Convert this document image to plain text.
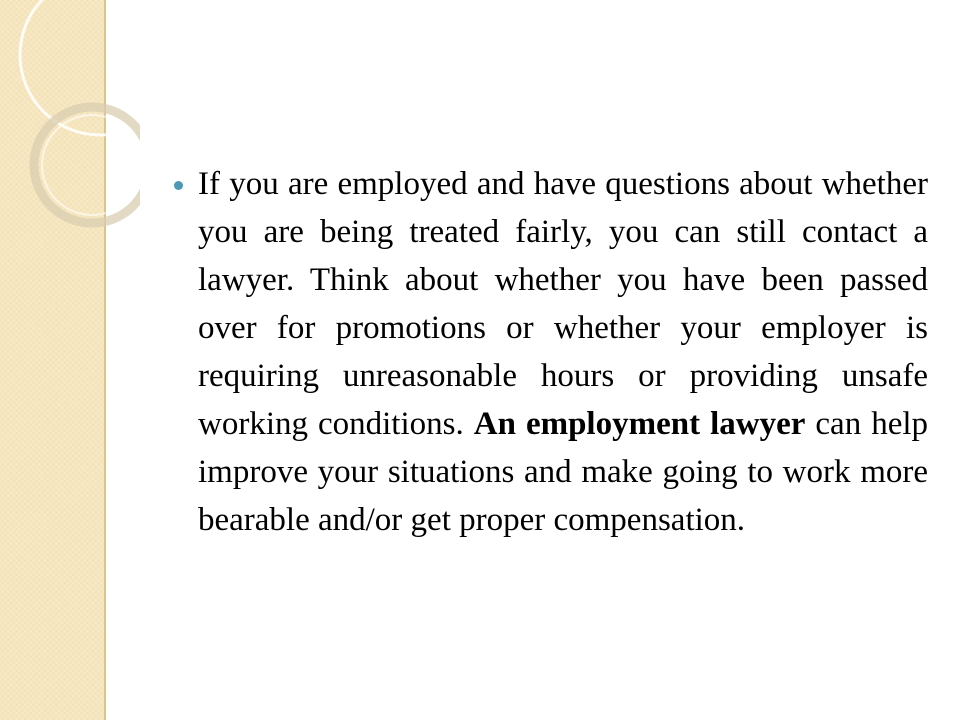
If you are employed and have questions about whether you are being treated fairly, you can still contact a lawyer. Think about whether you have been passed over for promotions or whether your employer is requiring unreasonable hours or providing unsafe working conditions. An employment lawyer can help improve your situations and make going to work more bearable and/or get proper compensation.
